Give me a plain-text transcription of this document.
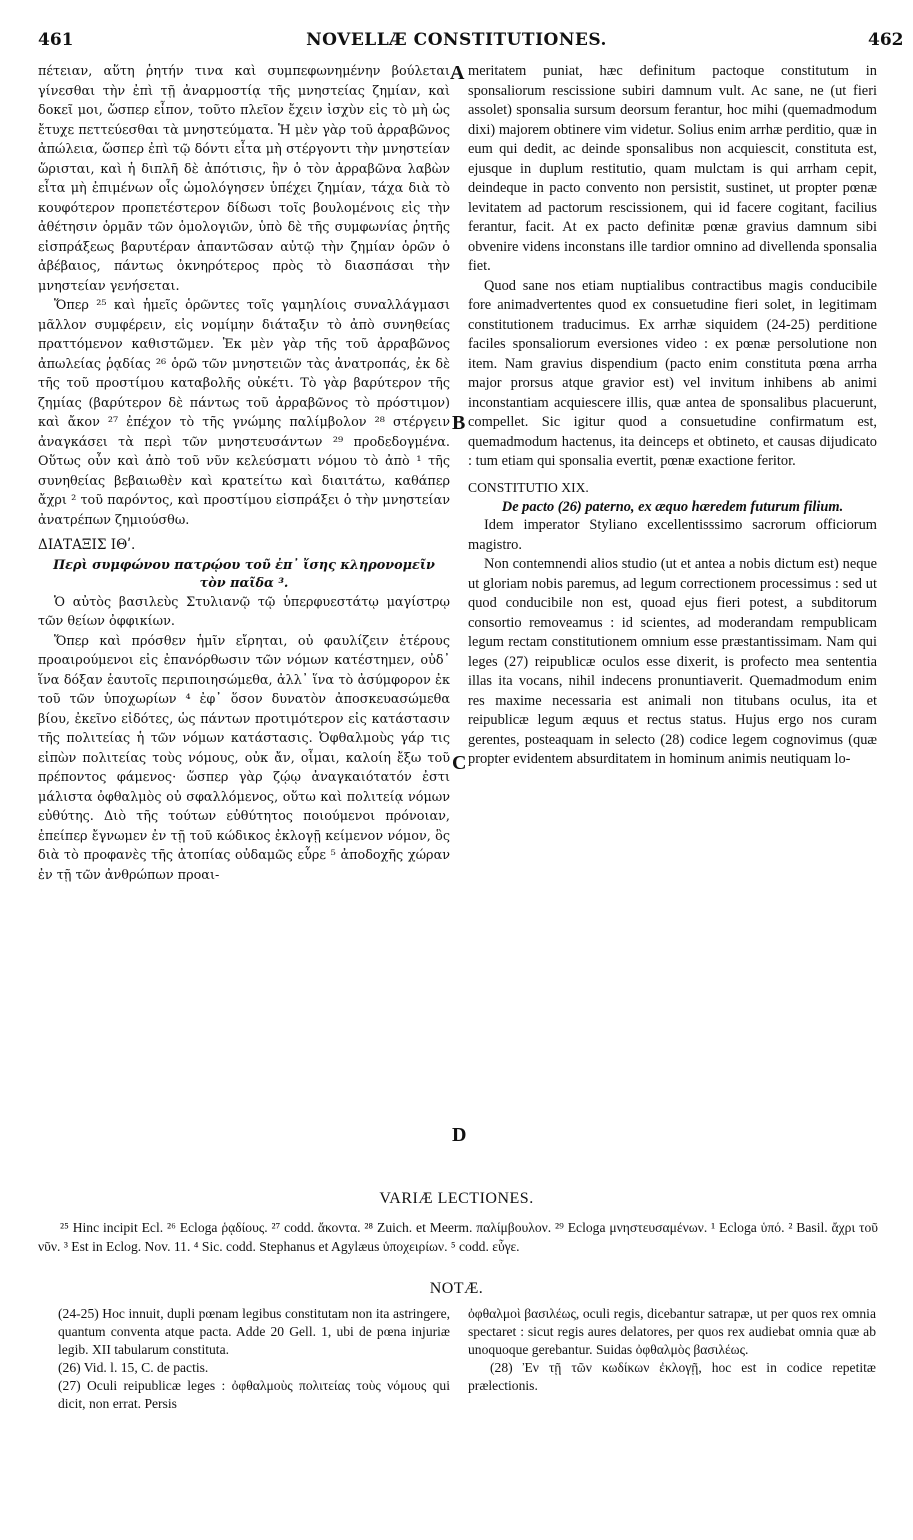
461	NOVELLÆ CONSTITUTIONES.	462

πέτειαν, αὕτη ῥητήν τινα καὶ συμπεφωνημένην βούλεται γίνεσθαι τὴν ἐπὶ τῇ ἀναρμοστίᾳ τῆς μνηστείας ζημίαν, καὶ δοκεῖ μοι, ὥσπερ εἶπον, τοῦτο πλεῖον ἔχειν ἰσχὺν εἰς τὸ μὴ ὡς ἔτυχε πεττεύεσθαι τὰ μνηστεύματα. Ἡ μὲν γὰρ τοῦ ἀρραβῶνος ἀπώλεια, ὥσπερ ἐπὶ τῷ δόντι εἶτα μὴ στέργοντι τὴν μνηστείαν ὥρισται, καὶ ἡ διπλῆ δὲ ἀπότισις, ἣν ὁ τὸν ἀρραβῶνα λαβὼν εἶτα μὴ ἐπιμένων οἷς ὡμολόγησεν ὑπέχει ζημίαν, τάχα διὰ τὸ κουφότερον προπετέστερον δίδωσι τοῖς βουλομένοις εἰς τὴν ἀθέτησιν ὁρμᾶν τῶν ὁμολογιῶν, ὑπὸ δὲ τῆς συμφωνίας ῥητῆς εἰσπράξεως βαρυτέραν ἀπαντῶσαν αὐτῷ τὴν ζημίαν ὁρῶν ὁ ἀβέβαιος, πάντως ὀκνηρότερος πρὸς τὸ διασπάσαι τὴν μνηστείαν γενήσεται.

Ὅπερ ²⁵ καὶ ἡμεῖς ὁρῶντες τοῖς γαμηλίοις συναλλάγμασι μᾶλλον συμφέρειν, εἰς νομίμην διάταξιν τὸ ἀπὸ συνηθείας πραττόμενον καθιστῶμεν. Ἐκ μὲν γὰρ τῆς τοῦ ἀρραβῶνος ἀπωλείας ῥᾳδίας ²⁶ ὁρῶ τῶν μνηστειῶν τὰς ἀνατροπάς, ἐκ δὲ τῆς τοῦ προστίμου καταβολῆς οὐκέτι. Τὸ γὰρ βαρύτερον τῆς ζημίας (βαρύτερον δὲ πάντως τοῦ ἀρραβῶνος τὸ πρόστιμον) καὶ ἄκον ²⁷ ἐπέχον τὸ τῆς γνώμης παλίμβολον ²⁸ στέργειν ἀναγκάσει τὰ περὶ τῶν μνηστευσάντων ²⁹ προδεδογμένα. Οὕτως οὖν καὶ ἀπὸ τοῦ νῦν κελεύσματι νόμου τὸ ἀπὸ ¹ τῆς συνηθείας βεβαιωθὲν καὶ κρατείτω καὶ διαιτάτω, καθάπερ ἄχρι ² τοῦ παρόντος, καὶ προστίμου εἰσπράξει ὁ τὴν μνηστείαν ἀνατρέπων ζημιούσθω.

ΔΙΑΤΑΞΙΣ ΙΘʹ.

Περὶ συμφώνου πατρῴου τοῦ ἐπ᾽ ἴσης κληρονομεῖν τὸν παῖδα ³.

Ὁ αὐτὸς βασιλεὺς Στυλιανῷ τῷ ὑπερφυεστάτῳ μαγίστρῳ τῶν θείων ὀφφικίων.

Ὅπερ καὶ πρόσθεν ἡμῖν εἴρηται, οὐ φαυλίζειν ἑτέρους προαιρούμενοι εἰς ἐπανόρθωσιν τῶν νόμων κατέστημεν, οὐδ᾽ ἵνα δόξαν ἑαυτοῖς περιποιησώμεθα, ἀλλ᾽ ἵνα τὸ ἀσύμφορον ἐκ τοῦ τῶν ὑποχωρίων ⁴ ἐφ᾽ ὅσον δυνατὸν ἀποσκευασώμεθα βίου, ἐκεῖνο εἰδότες, ὡς πάντων προτιμότερον εἰς κατάστασιν τῆς πολιτείας ἡ τῶν νόμων κατάστασις. Ὀφθαλμοὺς γάρ τις εἰπὼν πολιτείας τοὺς νόμους, οὐκ ἄν, οἶμαι, καλοίη ἔξω τοῦ πρέποντος φάμενος· ὥσπερ γὰρ ζῴῳ ἀναγκαιότατόν ἐστι μάλιστα ὀφθαλμὸς οὐ σφαλλόμενος, οὕτω καὶ πολιτείᾳ νόμων εὐθύτης. Διὸ τῆς τούτων εὐθύτητος ποιούμενοι πρόνοιαν, ἐπείπερ ἔγνωμεν ἐν τῇ τοῦ κώδικος ἐκλογῇ κείμενον νόμον, ὃς διὰ τὸ προφανὲς τῆς ἀτοπίας οὐδαμῶς εὗρε ⁵ ἀποδοχῆς χώραν ἐν τῇ τῶν ἀνθρώπων προαι-

A
B
C
D

meritatem puniat, hæc definitum pactoque constitutum in sponsaliorum rescissione subiri damnum vult. Ac sane, ne (ut fieri assolet) sponsalia sursum deorsum ferantur, hoc mihi (quemadmodum dixi) majorem obtinere vim videtur. Solius enim arrhæ perditio, quæ in eum qui dedit, ac deinde sponsalibus non acquiescit, constituta est, ejusque in duplum restitutio, quam mulctam is qui arrham cepit, deindeque in pacto convento non persistit, sustinet, ut propter pœnæ levitatem ad pactorum rescissionem, qui id facere cogitant, facilius ferantur, facit. At ex pacto definitæ pœnæ gravius damnum sibi obvenire videns inconstans ille tardior omnino ad divellenda sponsalia fiet.

Quod sane nos etiam nuptialibus contractibus magis conducibile fore animadvertentes quod ex consuetudine fieri solet, in legitimam constitutionem traducimus. Ex arrhæ siquidem (24-25) perditione faciles sponsaliorum eversiones video : ex pœnæ persolutione non item. Nam gravius dispendium (pacto enim constituta pœna arrha major prorsus atque gravior est) vel invitum inhibens ab animi inconstantiam acquiescere illis, quæ antea de sponsalibus placuerunt, compellet. Sic igitur quod a consuetudine confirmatum est, quemadmodum hactenus, ita deinceps et obtineto, et causas dijudicato : tum etiam qui sponsalia evertit, pœnæ exactione feritor.

CONSTITUTIO XIX.

De pacto (26) paterno, ex æquo hæredem futurum filium.

Idem imperator Styliano excellentisssimo sacrorum officiorum magistro.

Non contemnendi alios studio (ut et antea a nobis dictum est) neque ut gloriam nobis paremus, ad legum correctionem processimus : sed ut quod conducibile non est, quoad ejus fieri potest, a subditorum consortio removeamus : id scientes, ad moderandam rempublicam legum rectam constitutionem omnium esse præstantissimam. Nam qui leges (27) reipublicæ oculos esse dixerit, is profecto mea sententia illas ita vocans, nihil indecens pronuntiaverit. Quemadmodum enim res maxime necessaria est animali non titubans oculus, ita et reipublicæ legum æquus et rectus status. Hujus ergo nos curam gerentes, posteaquam in selecto (28) codice legem cognovimus (quæ propter evidentem absurditatem in hominum animis neutiquam lo-

VARIÆ LECTIONES.

²⁵ Hinc incipit Ecl. ²⁶ Ecloga ῥᾳδίους. ²⁷ codd. ἄκοντα. ²⁸ Zuich. et Meerm. παλίμβουλον. ²⁹ Ecloga μνηστευσαμένων. ¹ Ecloga ὑπό. ² Basil. ἄχρι τοῦ νῦν. ³ Est in Eclog. Nov. 11. ⁴ Sic. codd. Stephanus et Agylæus ὑποχειρίων. ⁵ codd. εὗγε.

NOTÆ.

(24-25) Hoc innuit, dupli pœnam legibus constitutam non ita astringere, quantum conventa atque pacta. Adde 20 Gell. 1, ubi de pœna injuriæ legib. XII tabularum constituta.

(26) Vid. l. 15, C. de pactis.

(27) Oculi reipublicæ leges : ὀφθαλμοὺς πολιτείας τοὺς νόμους qui dicit, non errat. Persis

ὀφθαλμοὶ βασιλέως, oculi regis, dicebantur satrapæ, ut per quos rex omnia spectaret : sicut regis aures delatores, per quos rex audiebat omnia quæ ab unoquoque gerebantur. Suidas ὀφθαλμὸς βασιλέως.

(28) Ἐν τῇ τῶν κωδίκων ἐκλογῇ, hoc est in codice repetitæ prælectionis.
